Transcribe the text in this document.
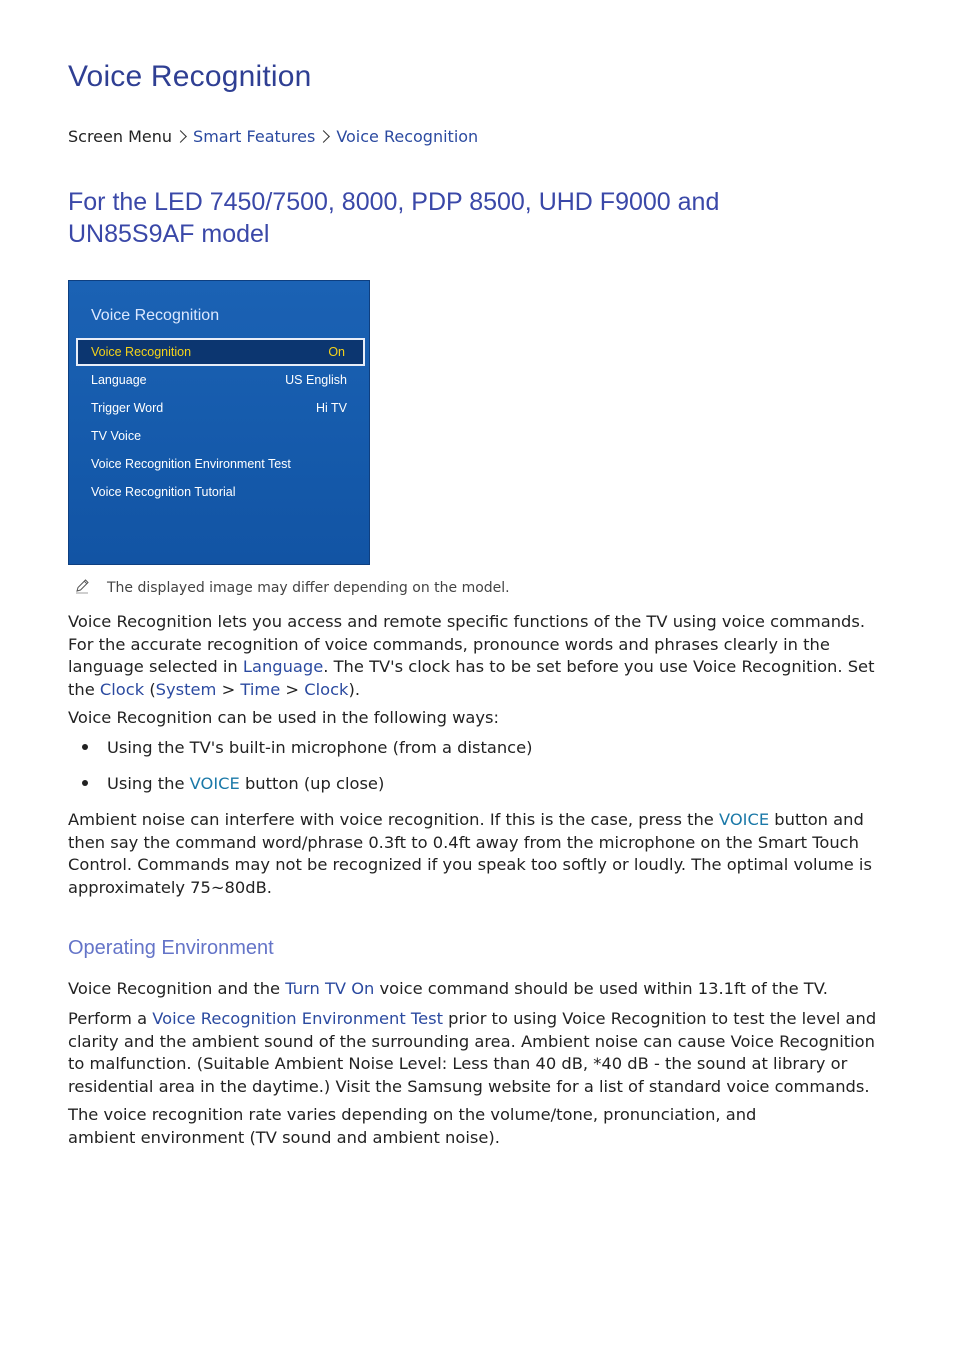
Voice Recognition
Screen Menu Smart Features Voice Recognition
For the LED 7450/7500, 8000, PDP 8500, UHD F9000 and UN85S9AF model
Voice Recognition
Voice Recognition	On
Language	US English
Trigger Word	Hi TV
TV Voice
Voice Recognition Environment Test
Voice Recognition Tutorial
The displayed image may differ depending on the model.
Voice Recognition lets you access and remote specific functions of the TV using voice commands. For the accurate recognition of voice commands, pronounce words and phrases clearly in the language selected in Language. The TV's clock has to be set before you use Voice Recognition. Set the Clock (System > Time > Clock).
Voice Recognition can be used in the following ways:
Using the TV's built-in microphone (from a distance)
Using the VOICE button (up close)
Ambient noise can interfere with voice recognition. If this is the case, press the VOICE button and then say the command word/phrase 0.3ft to 0.4ft away from the microphone on the Smart Touch Control. Commands may not be recognized if you speak too softly or loudly. The optimal volume is approximately 75~80dB.
Operating Environment
Voice Recognition and the Turn TV On voice command should be used within 13.1ft of the TV.
Perform a Voice Recognition Environment Test prior to using Voice Recognition to test the level and clarity and the ambient sound of the surrounding area. Ambient noise can cause Voice Recognition to malfunction. (Suitable Ambient Noise Level: Less than 40 dB, *40 dB - the sound at library or residential area in the daytime.) Visit the Samsung website for a list of standard voice commands.
The voice recognition rate varies depending on the volume/tone, pronunciation, and ambient environment (TV sound and ambient noise).
